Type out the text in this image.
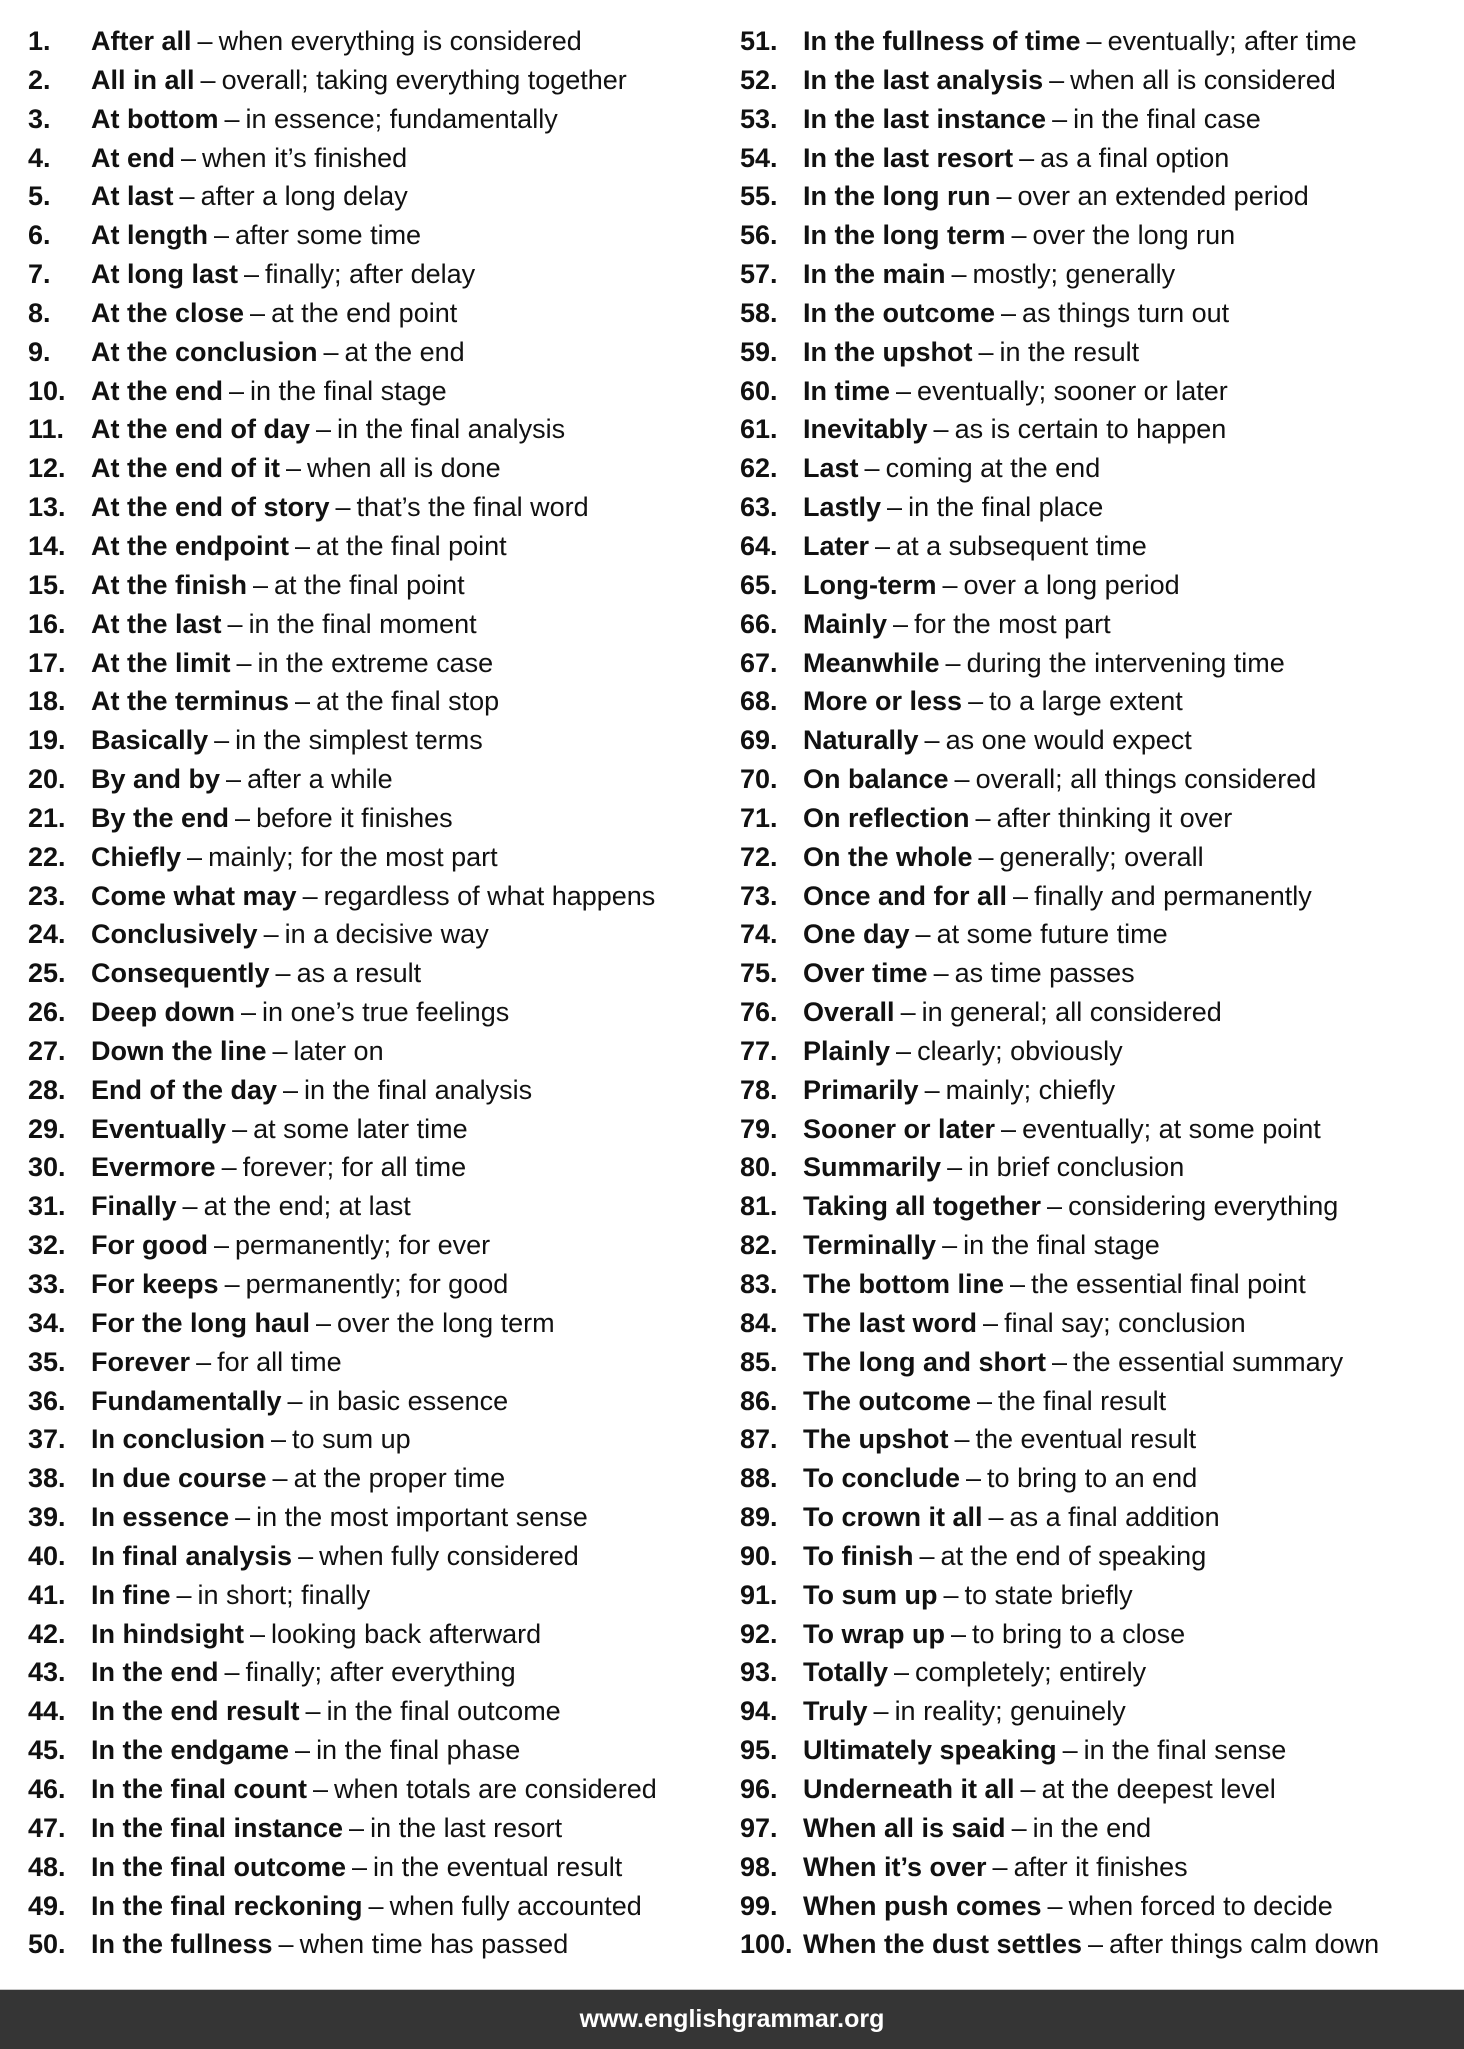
1.	After all – when everything is considered
2.	All in all – overall; taking everything together
3.	At bottom – in essence; fundamentally
4.	At end – when it’s finished
5.	At last – after a long delay
6.	At length – after some time
7.	At long last – finally; after delay
8.	At the close – at the end point
9.	At the conclusion – at the end
10. At the end – in the final stage
11. At the end of day – in the final analysis
12. At the end of it – when all is done
13. At the end of story – that’s the final word
14. At the endpoint – at the final point
15. At the finish – at the final point
16. At the last – in the final moment
17. At the limit – in the extreme case
18. At the terminus – at the final stop
19. Basically – in the simplest terms
20. By and by – after a while
21. By the end – before it finishes
22. Chiefly – mainly; for the most part
23. Come what may – regardless of what happens
24. Conclusively – in a decisive way
25. Consequently – as a result
26. Deep down – in one’s true feelings
27. Down the line – later on
28. End of the day – in the final analysis
29. Eventually – at some later time
30. Evermore – forever; for all time
31. Finally – at the end; at last
32. For good – permanently; for ever
33. For keeps – permanently; for good
34. For the long haul – over the long term
35. Forever – for all time
36. Fundamentally – in basic essence
37. In conclusion – to sum up
38. In due course – at the proper time
39. In essence – in the most important sense
40. In final analysis – when fully considered
41. In fine – in short; finally
42. In hindsight – looking back afterward
43. In the end – finally; after everything
44. In the end result – in the final outcome
45. In the endgame – in the final phase
46. In the final count – when totals are considered
47. In the final instance – in the last resort
48. In the final outcome – in the eventual result
49. In the final reckoning – when fully accounted
50. In the fullness – when time has passed
51. In the fullness of time – eventually; after time
52. In the last analysis – when all is considered
53. In the last instance – in the final case
54. In the last resort – as a final option
55. In the long run – over an extended period
56. In the long term – over the long run
57. In the main – mostly; generally
58. In the outcome – as things turn out
59. In the upshot – in the result
60. In time – eventually; sooner or later
61. Inevitably – as is certain to happen
62. Last – coming at the end
63. Lastly – in the final place
64. Later – at a subsequent time
65. Long-term – over a long period
66. Mainly – for the most part
67. Meanwhile – during the intervening time
68. More or less – to a large extent
69. Naturally – as one would expect
70. On balance – overall; all things considered
71. On reflection – after thinking it over
72. On the whole – generally; overall
73. Once and for all – finally and permanently
74. One day – at some future time
75. Over time – as time passes
76. Overall – in general; all considered
77. Plainly – clearly; obviously
78. Primarily – mainly; chiefly
79. Sooner or later – eventually; at some point
80. Summarily – in brief conclusion
81. Taking all together – considering everything
82. Terminally – in the final stage
83. The bottom line – the essential final point
84. The last word – final say; conclusion
85. The long and short – the essential summary
86. The outcome – the final result
87. The upshot – the eventual result
88. To conclude – to bring to an end
89. To crown it all – as a final addition
90. To finish – at the end of speaking
91. To sum up – to state briefly
92. To wrap up – to bring to a close
93. Totally – completely; entirely
94. Truly – in reality; genuinely
95. Ultimately speaking – in the final sense
96. Underneath it all – at the deepest level
97. When all is said – in the end
98. When it’s over – after it finishes
99. When push comes – when forced to decide
100. When the dust settles – after things calm down
www.englishgrammar.org
